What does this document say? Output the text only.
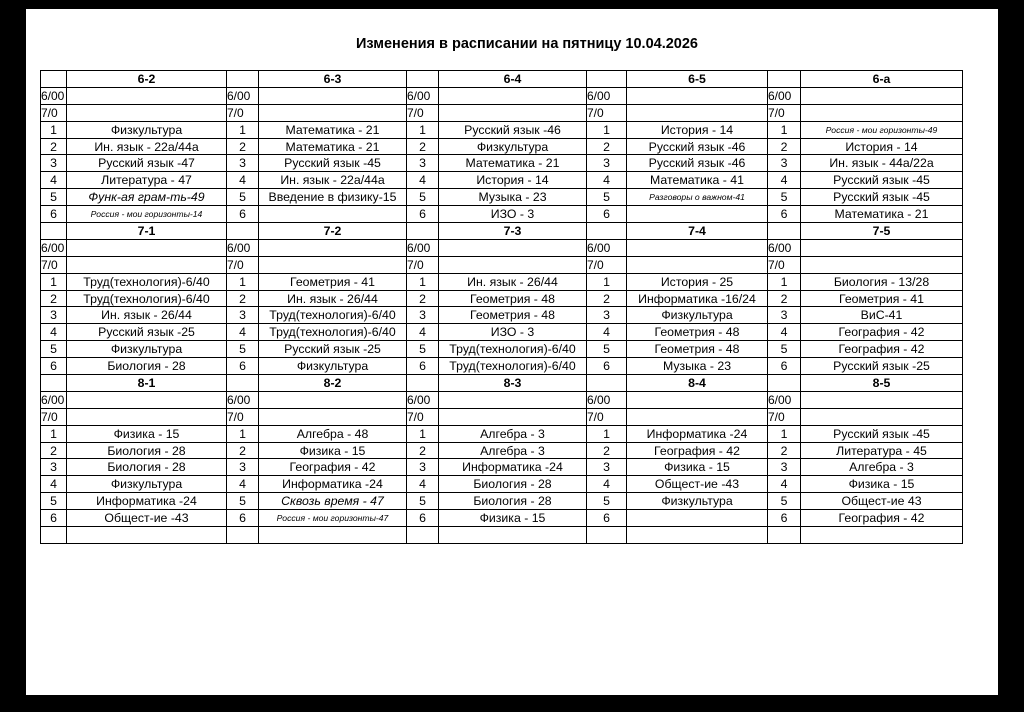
Изменения в расписании на пятницу 10.04.2026
	6-2		6-3		6-4		6-5		6-а
6/00		6/00		6/00		6/00		6/00	
7/0		7/0		7/0		7/0		7/0	
1	Физкультура	1	Математика - 21	1	Русский язык -46	1	История - 14	1	Россия - мои горизонты-49
2	Ин. язык - 22а/44а	2	Математика - 21	2	Физкультура	2	Русский язык -46	2	История - 14
3	Русский язык -47	3	Русский язык -45	3	Математика - 21	3	Русский язык -46	3	Ин. язык - 44а/22а
4	Литература - 47	4	Ин. язык - 22а/44а	4	История - 14	4	Математика - 41	4	Русский язык -45
5	Функ-ая грам-ть-49	5	Введение в физику-15	5	Музыка - 23	5	Разговоры о важном-41	5	Русский язык -45
6	Россия - мои горизонты-14	6		6	ИЗО - 3	6		6	Математика - 21
	7-1		7-2		7-3		7-4		7-5
6/00		6/00		6/00		6/00		6/00	
7/0		7/0		7/0		7/0		7/0	
1	Труд(технология)-6/40	1	Геометрия - 41	1	Ин. язык - 26/44	1	История - 25	1	Биология - 13/28
2	Труд(технология)-6/40	2	Ин. язык - 26/44	2	Геометрия - 48	2	Информатика -16/24	2	Геометрия - 41
3	Ин. язык - 26/44	3	Труд(технология)-6/40	3	Геометрия - 48	3	Физкультура	3	ВиС-41
4	Русский язык -25	4	Труд(технология)-6/40	4	ИЗО - 3	4	Геометрия - 48	4	География - 42
5	Физкультура	5	Русский язык -25	5	Труд(технология)-6/40	5	Геометрия - 48	5	География - 42
6	Биология - 28	6	Физкультура	6	Труд(технология)-6/40	6	Музыка - 23	6	Русский язык -25
	8-1		8-2		8-3		8-4		8-5
6/00		6/00		6/00		6/00		6/00	
7/0		7/0		7/0		7/0		7/0	
1	Физика - 15	1	Алгебра - 48	1	Алгебра - 3	1	Информатика -24	1	Русский язык -45
2	Биология - 28	2	Физика - 15	2	Алгебра - 3	2	География - 42	2	Литература - 45
3	Биология - 28	3	География - 42	3	Информатика -24	3	Физика - 15	3	Алгебра - 3
4	Физкультура	4	Информатика -24	4	Биология - 28	4	Общест-ие -43	4	Физика - 15
5	Информатика -24	5	Сквозь время - 47	5	Биология - 28	5	Физкультура	5	Общест-ие 43
6	Общест-ие -43	6	Россия - мои горизонты-47	6	Физика - 15	6		6	География - 42
